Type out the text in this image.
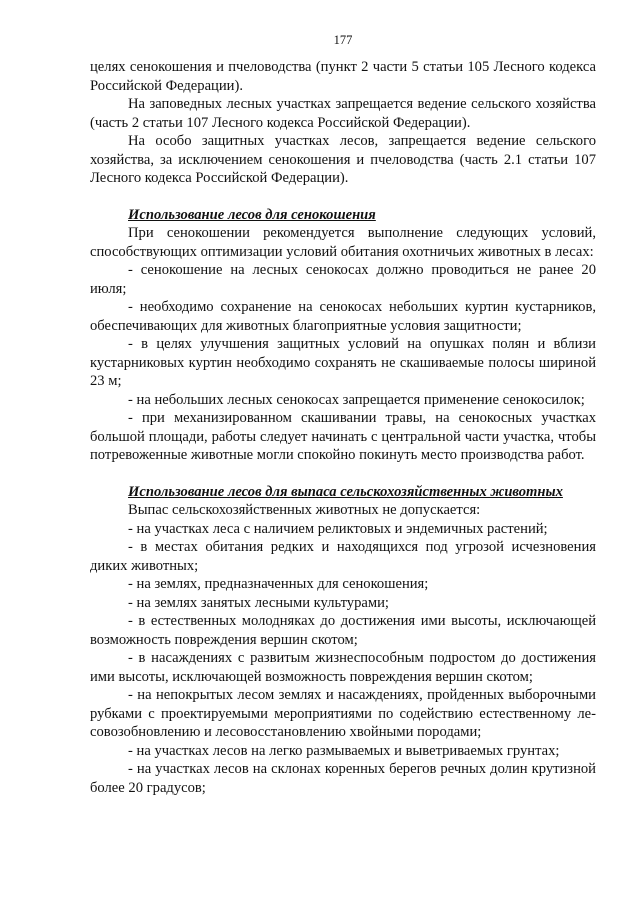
177

целях сенокошения и пчеловодства (пункт 2 части 5 статьи 105 Лесного кодекса Российской Федерации).

На заповедных лесных участках запрещается ведение сельского хозяйства (часть 2 статьи 107 Лесного кодекса Российской Федерации).

На особо защитных участках лесов, запрещается ведение сельского хозяйства, за исключением сенокошения и пчеловодства (часть 2.1 статьи 107 Лесного кодекса Российской Федерации).

Использование лесов для сенокошения

При сенокошении рекомендуется выполнение следующих условий, способствующих оптимизации условий обитания охотничьих животных в лесах:

- сенокошение на лесных сенокосах должно проводиться не ранее 20 июля;

- необходимо сохранение на сенокосах небольших куртин кустарников, обеспечивающих для животных благоприятные условия защитности;

- в целях улучшения защитных условий на опушках полян и вблизи кустарниковых куртин необходимо сохранять не скашиваемые полосы шириной 23 м;

- на небольших лесных сенокосах запрещается применение сенокосилок;

- при механизированном скашивании травы, на сенокосных участках большой площади, работы следует начинать с центральной части участка, чтобы потревоженные животные могли спокойно покинуть место производства работ.

Использование лесов для выпаса сельскохозяйственных животных

Выпас сельскохозяйственных животных не допускается:

- на участках леса с наличием реликтовых и эндемичных растений;

- в местах обитания редких и находящихся под угрозой исчезновения диких животных;

- на землях, предназначенных для сенокошения;

- на землях занятых лесными культурами;

- в естественных молодняках до достижения ими высоты, исключающей возможность повреждения вершин скотом;

- в насаждениях с развитым жизнеспособным подростом до достижения ими высоты, исключающей возможность повреждения вершин скотом;

- на непокрытых лесом землях и насаждениях, пройденных выборочными рубками с проектируемыми мероприятиями по содействию естественному ле-совозобновлению и лесовосстановлению хвойными породами;

- на участках лесов на легко размываемых и выветриваемых грунтах;

- на участках лесов на склонах коренных берегов речных долин крутизной более 20 градусов;
